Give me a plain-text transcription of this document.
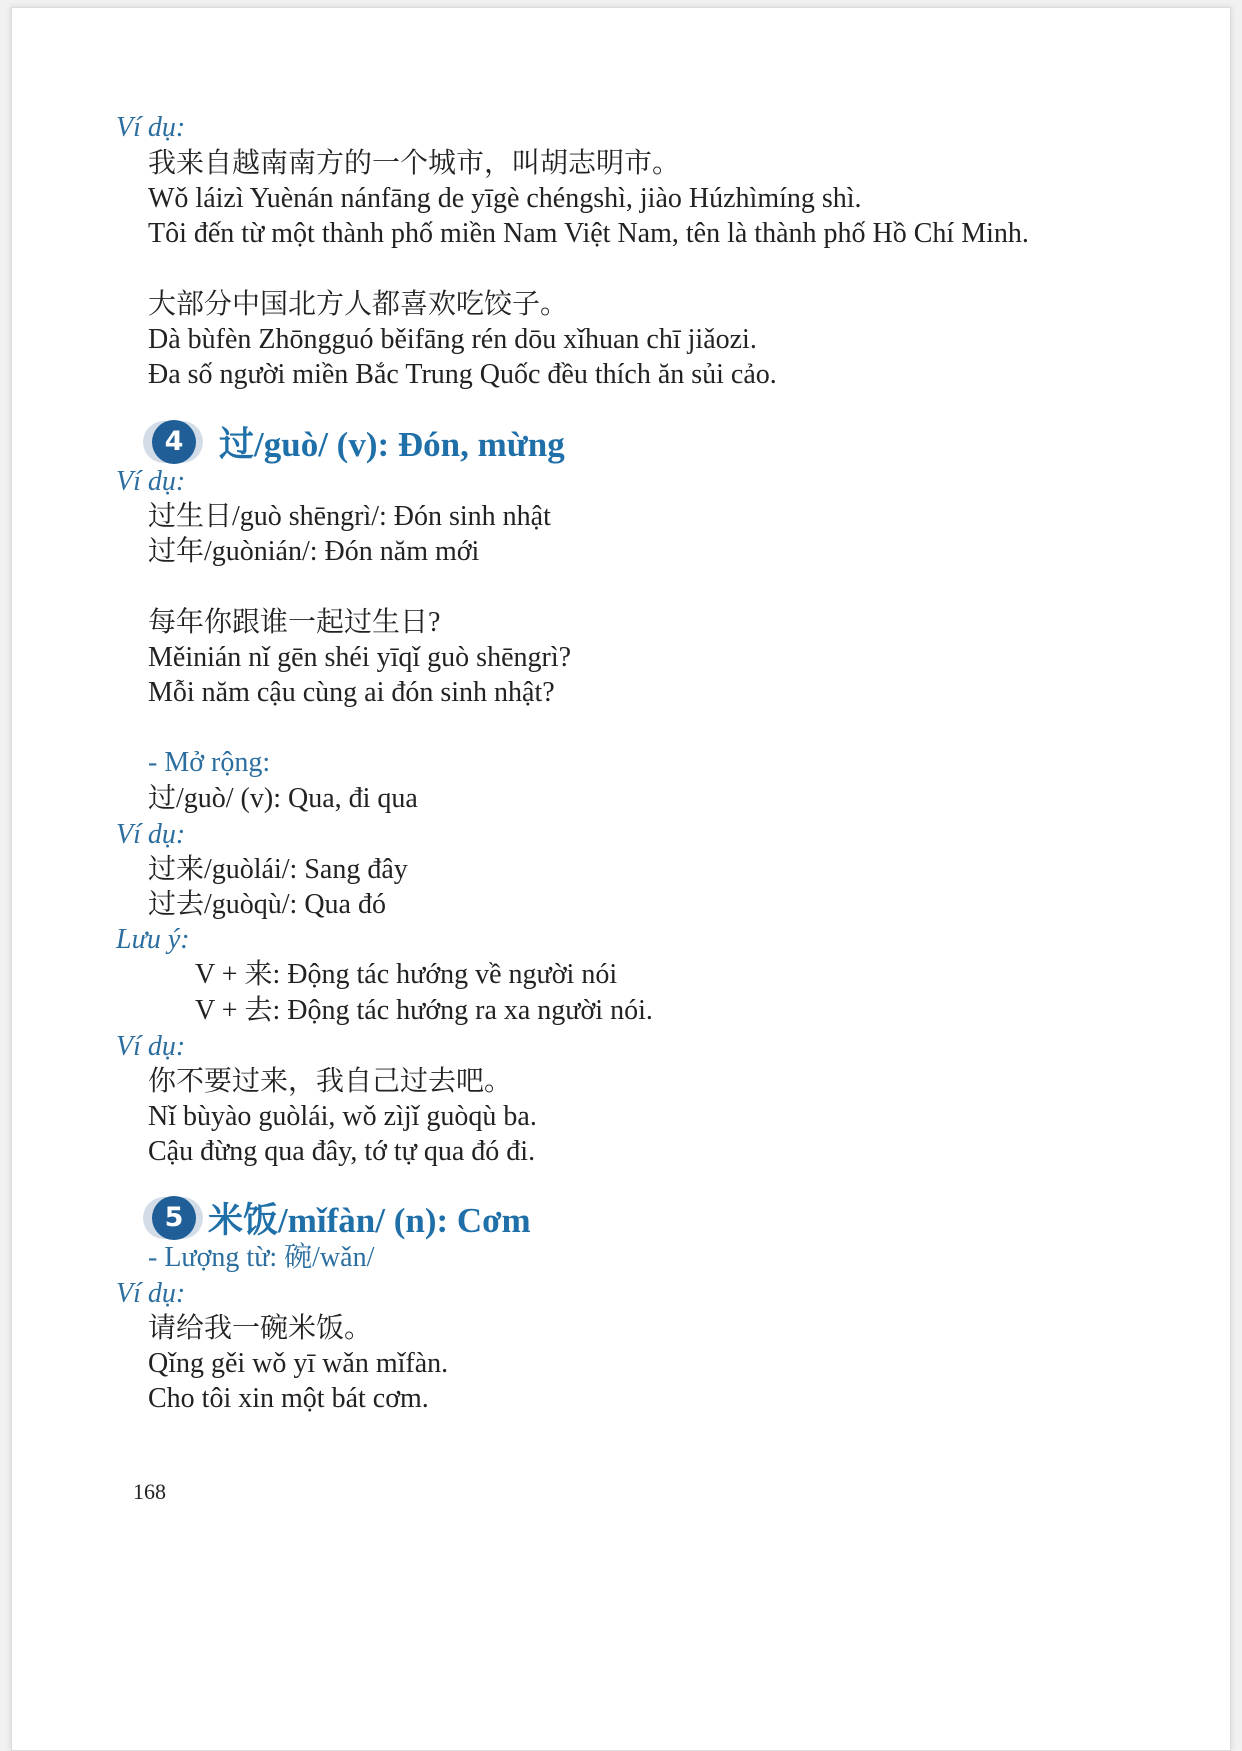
Ví dụ:
我来自越南南方的一个城市，叫胡志明市。
Wǒ láizì Yuènán nánfāng de yīgè chéngshì, jiào Húzhìmíng shì.
Tôi đến từ một thành phố miền Nam Việt Nam, tên là thành phố Hồ Chí Minh.
大部分中国北方人都喜欢吃饺子。
Dà bùfèn Zhōngguó běifāng rén dōu xǐhuan chī jiǎozi.
Đa số người miền Bắc Trung Quốc đều thích ăn sủi cảo.
4	过/guò/ (v): Đón, mừng
Ví dụ:
过生日/guò shēngrì/: Đón sinh nhật
过年/guònián/: Đón năm mới
每年你跟谁一起过生日?
Měinián nǐ gēn shéi yīqǐ guò shēngrì?
Mỗi năm cậu cùng ai đón sinh nhật?
- Mở rộng:
过/guò/ (v): Qua, đi qua
Ví dụ:
过来/guòlái/: Sang đây
过去/guòqù/: Qua đó
Lưu ý:
V + 来: Động tác hướng về người nói
V + 去: Động tác hướng ra xa người nói.
Ví dụ:
你不要过来，我自己过去吧。
Nǐ bùyào guòlái, wǒ zìjǐ guòqù ba.
Cậu đừng qua đây, tớ tự qua đó đi.
5 米饭/mǐfàn/ (n): Cơm
- Lượng từ: 碗/wǎn/
Ví dụ:
请给我一碗米饭。
Qǐng gěi wǒ yī wǎn mǐfàn.
Cho tôi xin một bát cơm.
168
